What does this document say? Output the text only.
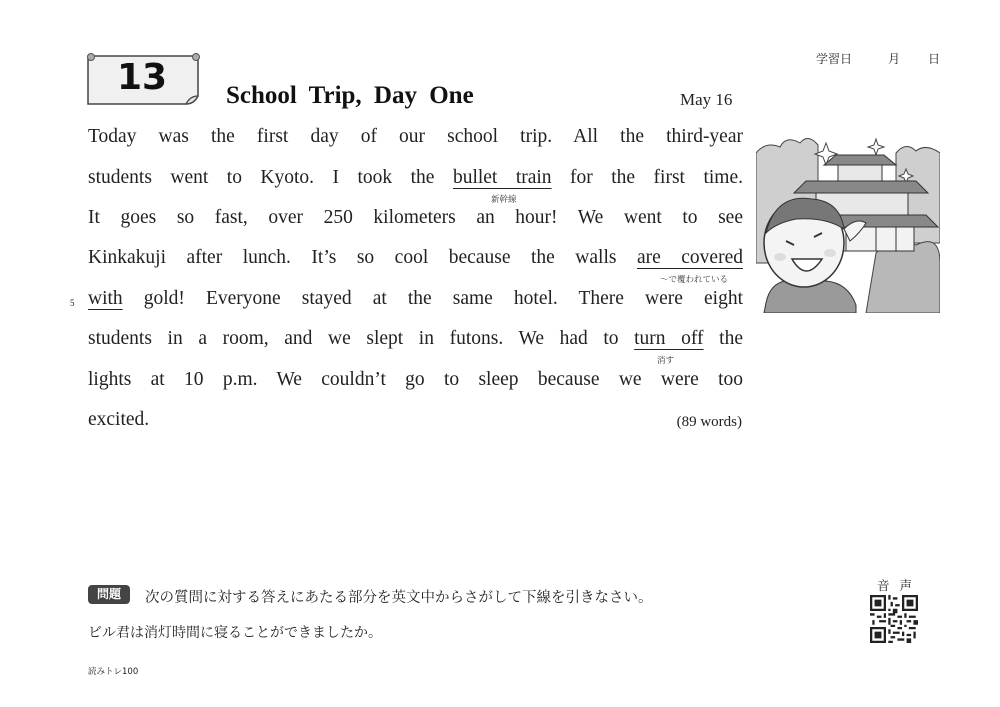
13	School Trip, Day One	May 16
学習日	月 日
Today was the first day of our school trip. All the third-year
students went to Kyoto. I took the bullet train for the first time.
It goes so fast, over 250 kilometers an hour! We went to see
Kinkakuji after lunch. It’s so cool because the walls are covered
with gold! Everyone stayed at the same hotel. There were eight
students in a room, and we slept in futons. We had to turn off the
lights at 10 p.m. We couldn’t go to sleep because we were too
excited.
新幹線
～で覆われている
消す
5
(89 words)
問題	次の質問に対する答えにあたる部分を英文中からさがして下線を引きなさい。
ビル君は消灯時間に寝ることができましたか。
音 声
読みトレ100
